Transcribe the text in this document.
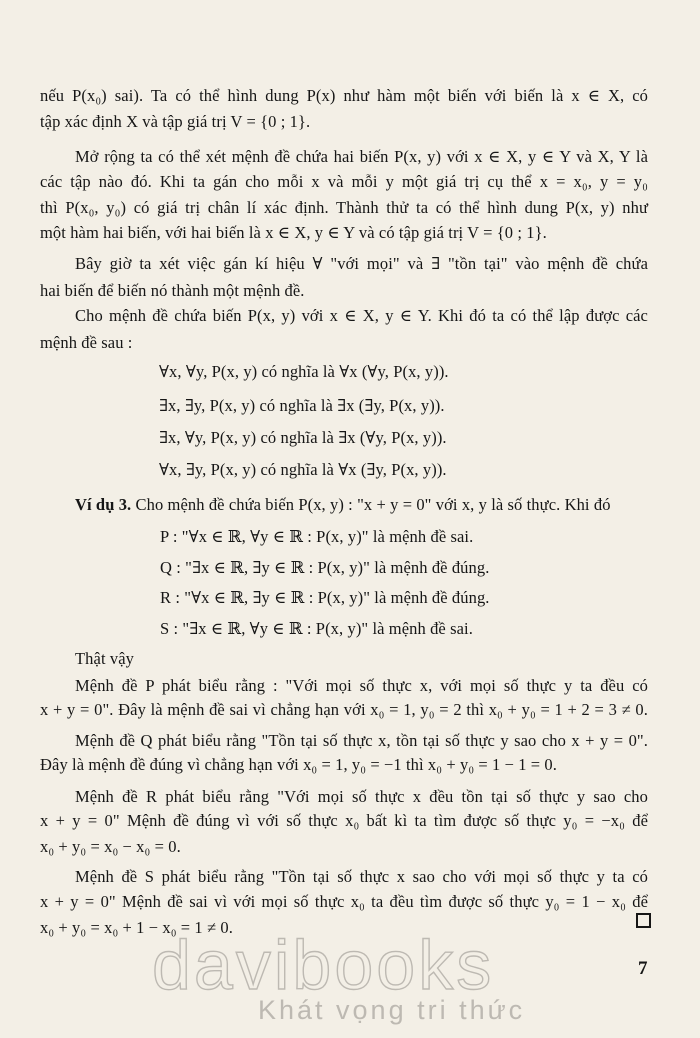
nếu P(x₀) sai). Ta có thể hình dung P(x) như hàm một biến với biến là x ∈ X, có
tập xác định X và tập giá trị V = {0 ; 1}.
Mở rộng ta có thể xét mệnh đề chứa hai biến P(x, y) với x ∈ X, y ∈ Y và X, Y là
các tập nào đó. Khi ta gán cho mỗi x và mỗi y một giá trị cụ thể x = x₀, y = y₀
thì P(x₀, y₀) có giá trị chân lí xác định. Thành thử ta có thể hình dung P(x, y) như
một hàm hai biến, với hai biến là x ∈ X, y ∈ Y và có tập giá trị V = {0 ; 1}.
Bây giờ ta xét việc gán kí hiệu ∀ "với mọi" và ∃ "tồn tại" vào mệnh đề chứa
hai biến để biến nó thành một mệnh đề.
Cho mệnh đề chứa biến P(x, y) với x ∈ X, y ∈ Y. Khi đó ta có thể lập được các
mệnh đề sau :
∀x, ∀y, P(x, y) có nghĩa là ∀x (∀y, P(x, y)).
∃x, ∃y, P(x, y) có nghĩa là ∃x (∃y, P(x, y)).
∃x, ∀y, P(x, y) có nghĩa là ∃x (∀y, P(x, y)).
∀x, ∃y, P(x, y) có nghĩa là ∀x (∃y, P(x, y)).
Ví dụ 3. Cho mệnh đề chứa biến P(x, y) : "x + y = 0" với x, y là số thực. Khi đó
P : "∀x ∈ ℝ, ∀y ∈ ℝ : P(x, y)" là mệnh đề sai.
Q : "∃x ∈ ℝ, ∃y ∈ ℝ : P(x, y)" là mệnh đề đúng.
R : "∀x ∈ ℝ, ∃y ∈ ℝ : P(x, y)" là mệnh đề đúng.
S : "∃x ∈ ℝ, ∀y ∈ ℝ : P(x, y)" là mệnh đề sai.
Thật vậy
Mệnh đề P phát biểu rằng : "Với mọi số thực x, với mọi số thực y ta đều có
x + y = 0". Đây là mệnh đề sai vì chẳng hạn với x₀ = 1, y₀ = 2 thì x₀ + y₀ = 1 + 2 = 3 ≠ 0.
Mệnh đề Q phát biểu rằng "Tồn tại số thực x, tồn tại số thực y sao cho x + y = 0".
Đây là mệnh đề đúng vì chẳng hạn với x₀ = 1, y₀ = −1 thì x₀ + y₀ = 1 − 1 = 0.
Mệnh đề R phát biểu rằng "Với mọi số thực x đều tồn tại số thực y sao cho
x + y = 0" Mệnh đề đúng vì với số thực x₀ bất kì ta tìm được số thực y₀ = −x₀ để
x₀ + y₀ = x₀ − x₀ = 0.
Mệnh đề S phát biểu rằng "Tồn tại số thực x sao cho với mọi số thực y ta có
x + y = 0" Mệnh đề sai vì với mọi số thực x₀ ta đều tìm được số thực y₀ = 1 − x₀ để
x₀ + y₀ = x₀ + 1 − x₀ = 1 ≠ 0.
davibooks
Khát vọng tri thức
7
